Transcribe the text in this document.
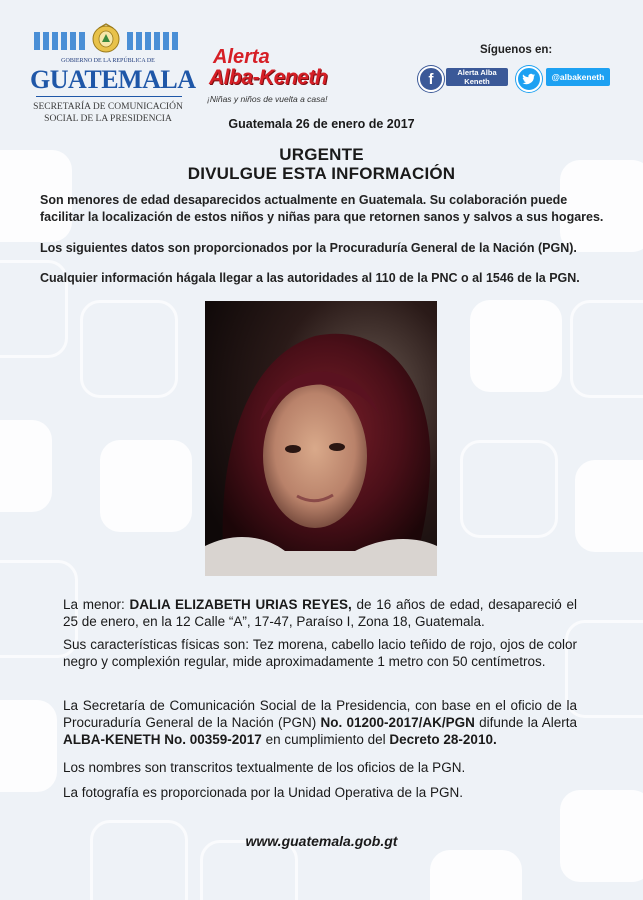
GOBIERNO DE LA REPÚBLICA DE
GUATEMALA
SECRETARÍA DE COMUNICACIÓN
SOCIAL DE LA PRESIDENCIA
Alerta
Alba-Keneth
¡Niñas y niños de vuelta a casa!
Síguenos en:
f	Alerta Alba Keneth	@albakeneth
Guatemala 26 de enero de 2017
URGENTE
DIVULGUE ESTA INFORMACIÓN

Son menores de edad desaparecidos actualmente en Guatemala. Su colaboración puede facilitar la localización de estos niños y niñas para que retornen sanos y salvos a sus hogares.

Los siguientes datos son proporcionados por la Procuraduría General de la Nación (PGN).

Cualquier información hágala llegar a las autoridades al 110 de la PNC o al 1546 de la PGN.

La menor: DALIA ELIZABETH URIAS REYES, de 16 años de edad, desapareció el 25 de enero, en la 12 Calle “A”, 17-47, Paraíso I, Zona 18, Guatemala.

Sus características físicas son: Tez morena, cabello lacio teñido de rojo, ojos de color negro y complexión regular, mide aproximadamente 1 metro con 50 centímetros.

La Secretaría de Comunicación Social de la Presidencia, con base en el oficio de la Procuraduría General de la Nación (PGN) No. 01200-2017/AK/PGN difunde la Alerta ALBA-KENETH No. 00359-2017 en cumplimiento del Decreto 28-2010.

Los nombres son transcritos textualmente de los oficios de la PGN.

La fotografía es proporcionada por la Unidad Operativa de la PGN.

www.guatemala.gob.gt
